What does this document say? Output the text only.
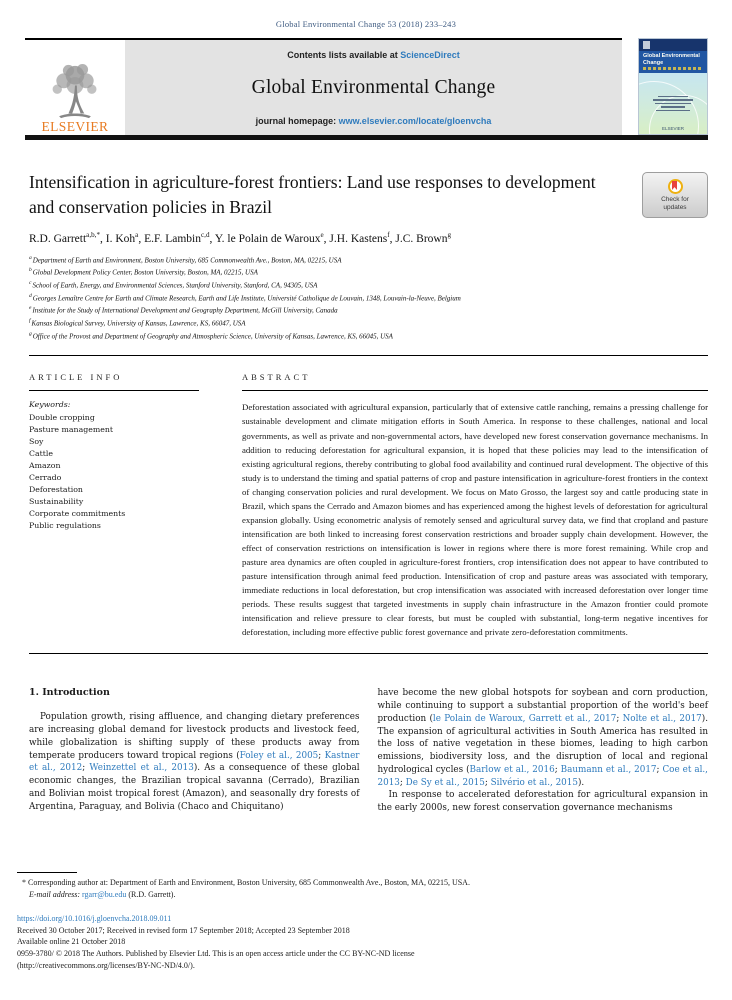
Global Environmental Change 53 (2018) 233–243
ELSEVIER
Contents lists available at ScienceDirect
Global Environmental Change
journal homepage: www.elsevier.com/locate/gloenvcha
Global Environmental Change
ELSEVIER
Intensification in agriculture-forest frontiers: Land use responses to development and conservation policies in Brazil	Check for
updates
R.D. Garrett$^{a,b,*}$, I. Koh$^a$, E.F. Lambin$^{c,d}$, Y. le Polain de Waroux$^e$, J.H. Kastens$^f$, J.C. Brown$^g$
$^a$Department of Earth and Environment, Boston University, 685 Commonwealth Ave., Boston, MA, 02215, USA
$^b$Global Development Policy Center, Boston University, Boston, MA, 02215, USA
$^c$School of Earth, Energy, and Environmental Sciences, Stanford University, Stanford, CA, 94305, USA
$^d$Georges Lemaître Centre for Earth and Climate Research, Earth and Life Institute, Université Catholique de Louvain, 1348, Louvain-la-Neuve, Belgium
$^e$Institute for the Study of International Development and Geography Department, McGill University, Canada
$^f$Kansas Biological Survey, University of Kansas, Lawrence, KS, 66047, USA
$^g$Office of the Provost and Department of Geography and Atmospheric Science, University of Kansas, Lawrence, KS, 66045, USA
ARTICLE INFO
Keywords:
Double cropping
Pasture management
Soy
Cattle
Amazon
Cerrado
Deforestation
Sustainability
Corporate commitments
Public regulations
ABSTRACT
Deforestation associated with agricultural expansion, particularly that of extensive cattle ranching, remains a pressing challenge for sustainable development and climate mitigation efforts in South America. In response to these challenges, national and local governments, as well as private and non-governmental actors, have developed new forest conservation governance mechanisms. In addition to reducing deforestation for agricultural expansion, it is hoped that these policies may lead to the intensification of existing agricultural regions, thereby contributing to global food availability and continued rural development. The objective of this study is to understand the timing and spatial patterns of crop and pasture intensification in agriculture-forest frontiers in the context of changing conservation policies and rural development. We focus on Mato Grosso, the largest soy and cattle producing state in Brazil, which spans the Cerrado and Amazon biomes and has experienced among the highest levels of deforestation for agricultural expansion globally. Using econometric analysis of remotely sensed and agricultural survey data, we find that cropland and pasture intensification are both linked to increasing forest conservation restrictions and broader supply chain development. However, the effect of conservation restrictions on intensification is lower in regions where there is more forest remaining. While crop and pasture area dynamics are often coupled in agriculture-forest frontiers, crop intensification does not appear to have contributed to pasture intensification through animal feed production. Intensification of crop and pasture areas was associated with temporary, immediate reductions in local deforestation, but crop intensification was associated with increased deforestation over longer time periods. These results suggest that targeted investments in supply chain infrastructure in the Amazon frontier could promote intensification and relieve pressure to clear forests, but must be coupled with substantial, long-term negative incentives for deforestation, including more effective public forest governance and private zero-deforestation commitments.
1. Introduction

Population growth, rising affluence, and changing dietary preferences are increasing global demand for livestock products and livestock feed, while globalization is shifting supply of these products away from temperate producers toward tropical regions (Foley et al., 2005; Kastner et al., 2012; Weinzettel et al., 2013). As a consequence of these global economic changes, the Brazilian tropical savanna (Cerrado), Brazilian and Bolivian moist tropical forest (Amazon), and seasonally dry forests of Argentina, Paraguay, and Bolivia (Chaco and Chiquitano)

have become the new global hotspots for soybean and corn production, while continuing to support a substantial proportion of the world's beef production (le Polain de Waroux, Garrett et al., 2017; Nolte et al., 2017). The expansion of agricultural activities in South America has resulted in the loss of native vegetation in these biomes, leading to high carbon emissions, biodiversity loss, and the disruption of local and regional hydrological cycles (Barlow et al., 2016; Baumann et al., 2017; Coe et al., 2013; De Sy et al., 2015; Silvério et al., 2015).

In response to accelerated deforestation for agricultural expansion in the early 2000s, new forest conservation governance mechanisms

* Corresponding author at: Department of Earth and Environment, Boston University, 685 Commonwealth Ave., Boston, MA, 02215, USA.
E-mail address: rgarr@bu.edu (R.D. Garrett).
https://doi.org/10.1016/j.gloenvcha.2018.09.011
Received 30 October 2017; Received in revised form 17 September 2018; Accepted 23 September 2018
Available online 21 October 2018
0959-3780/ © 2018 The Authors. Published by Elsevier Ltd. This is an open access article under the CC BY-NC-ND license
(http://creativecommons.org/licenses/BY-NC-ND/4.0/).
